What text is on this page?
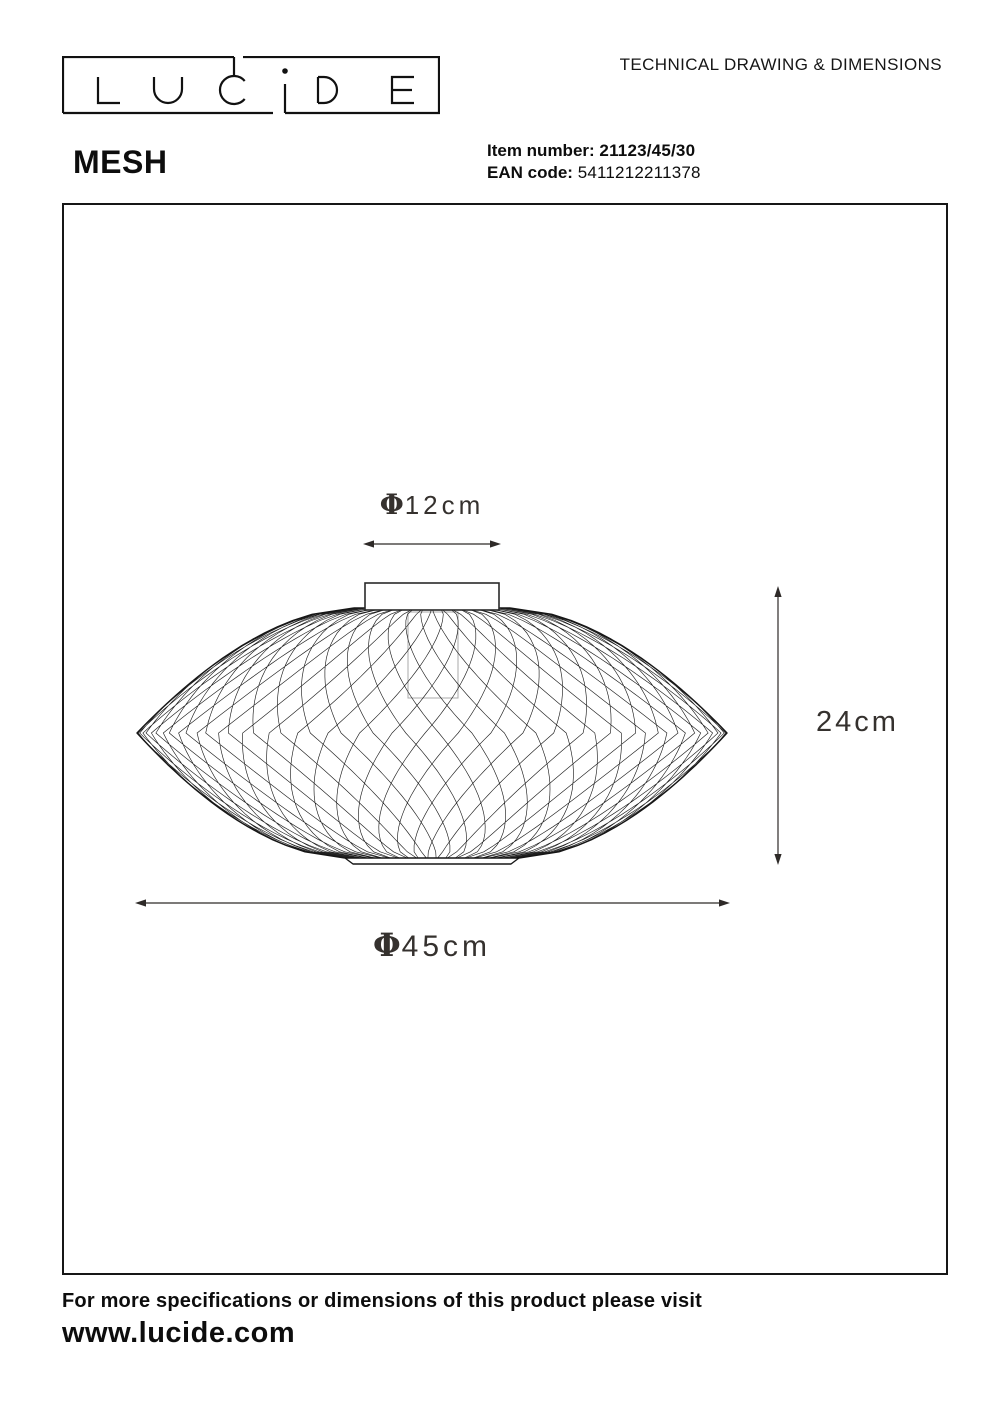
TECHNICAL DRAWING & DIMENSIONS
MESH	Item number: 21123/45/30
EAN code: 5411212211378
Φ12cm
24cm
Φ45cm
For more specifications or dimensions of this product please visit
www.lucide.com
